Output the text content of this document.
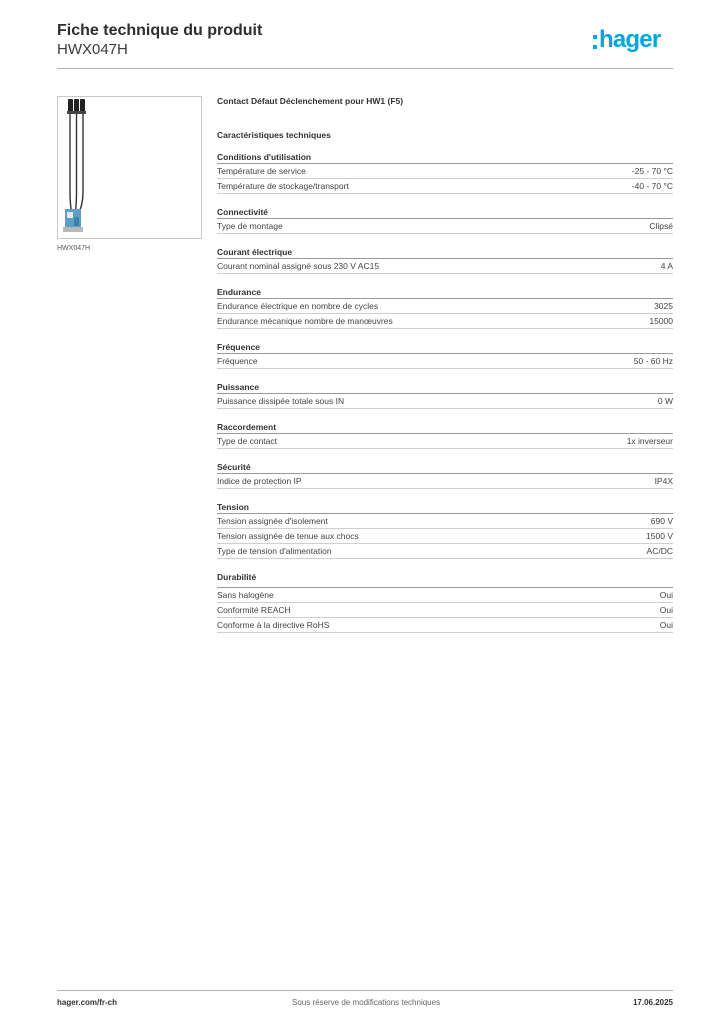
Fiche technique du produit
HWX047H	hager
HWX047H
Contact Défaut Déclenchement pour HW1 (F5)
Caractéristiques techniques
Conditions d'utilisation
Température de service	-25 - 70 °C
Température de stockage/transport	-40 - 70 °C
Connectivité
Type de montage	Clipsé
Courant électrique
Courant nominal assigné sous 230 V AC15	4 A
Endurance
Endurance électrique en nombre de cycles	3025
Endurance mécanique nombre de manœuvres	15000
Fréquence
Fréquence	50 - 60 Hz
Puissance
Puissance dissipée totale sous IN	0 W
Raccordement
Type de contact	1x inverseur
Sécurité
Indice de protection IP	IP4X
Tension
Tension assignée d'isolement	690 V
Tension assignée de tenue aux chocs	1500 V
Type de tension d'alimentation	AC/DC
Durabilité
Sans halogène	Oui
Conformité REACH	Oui
Conforme à la directive RoHS	Oui
hager.com/fr-ch	Sous réserve de modifications techniques	17.06.2025
